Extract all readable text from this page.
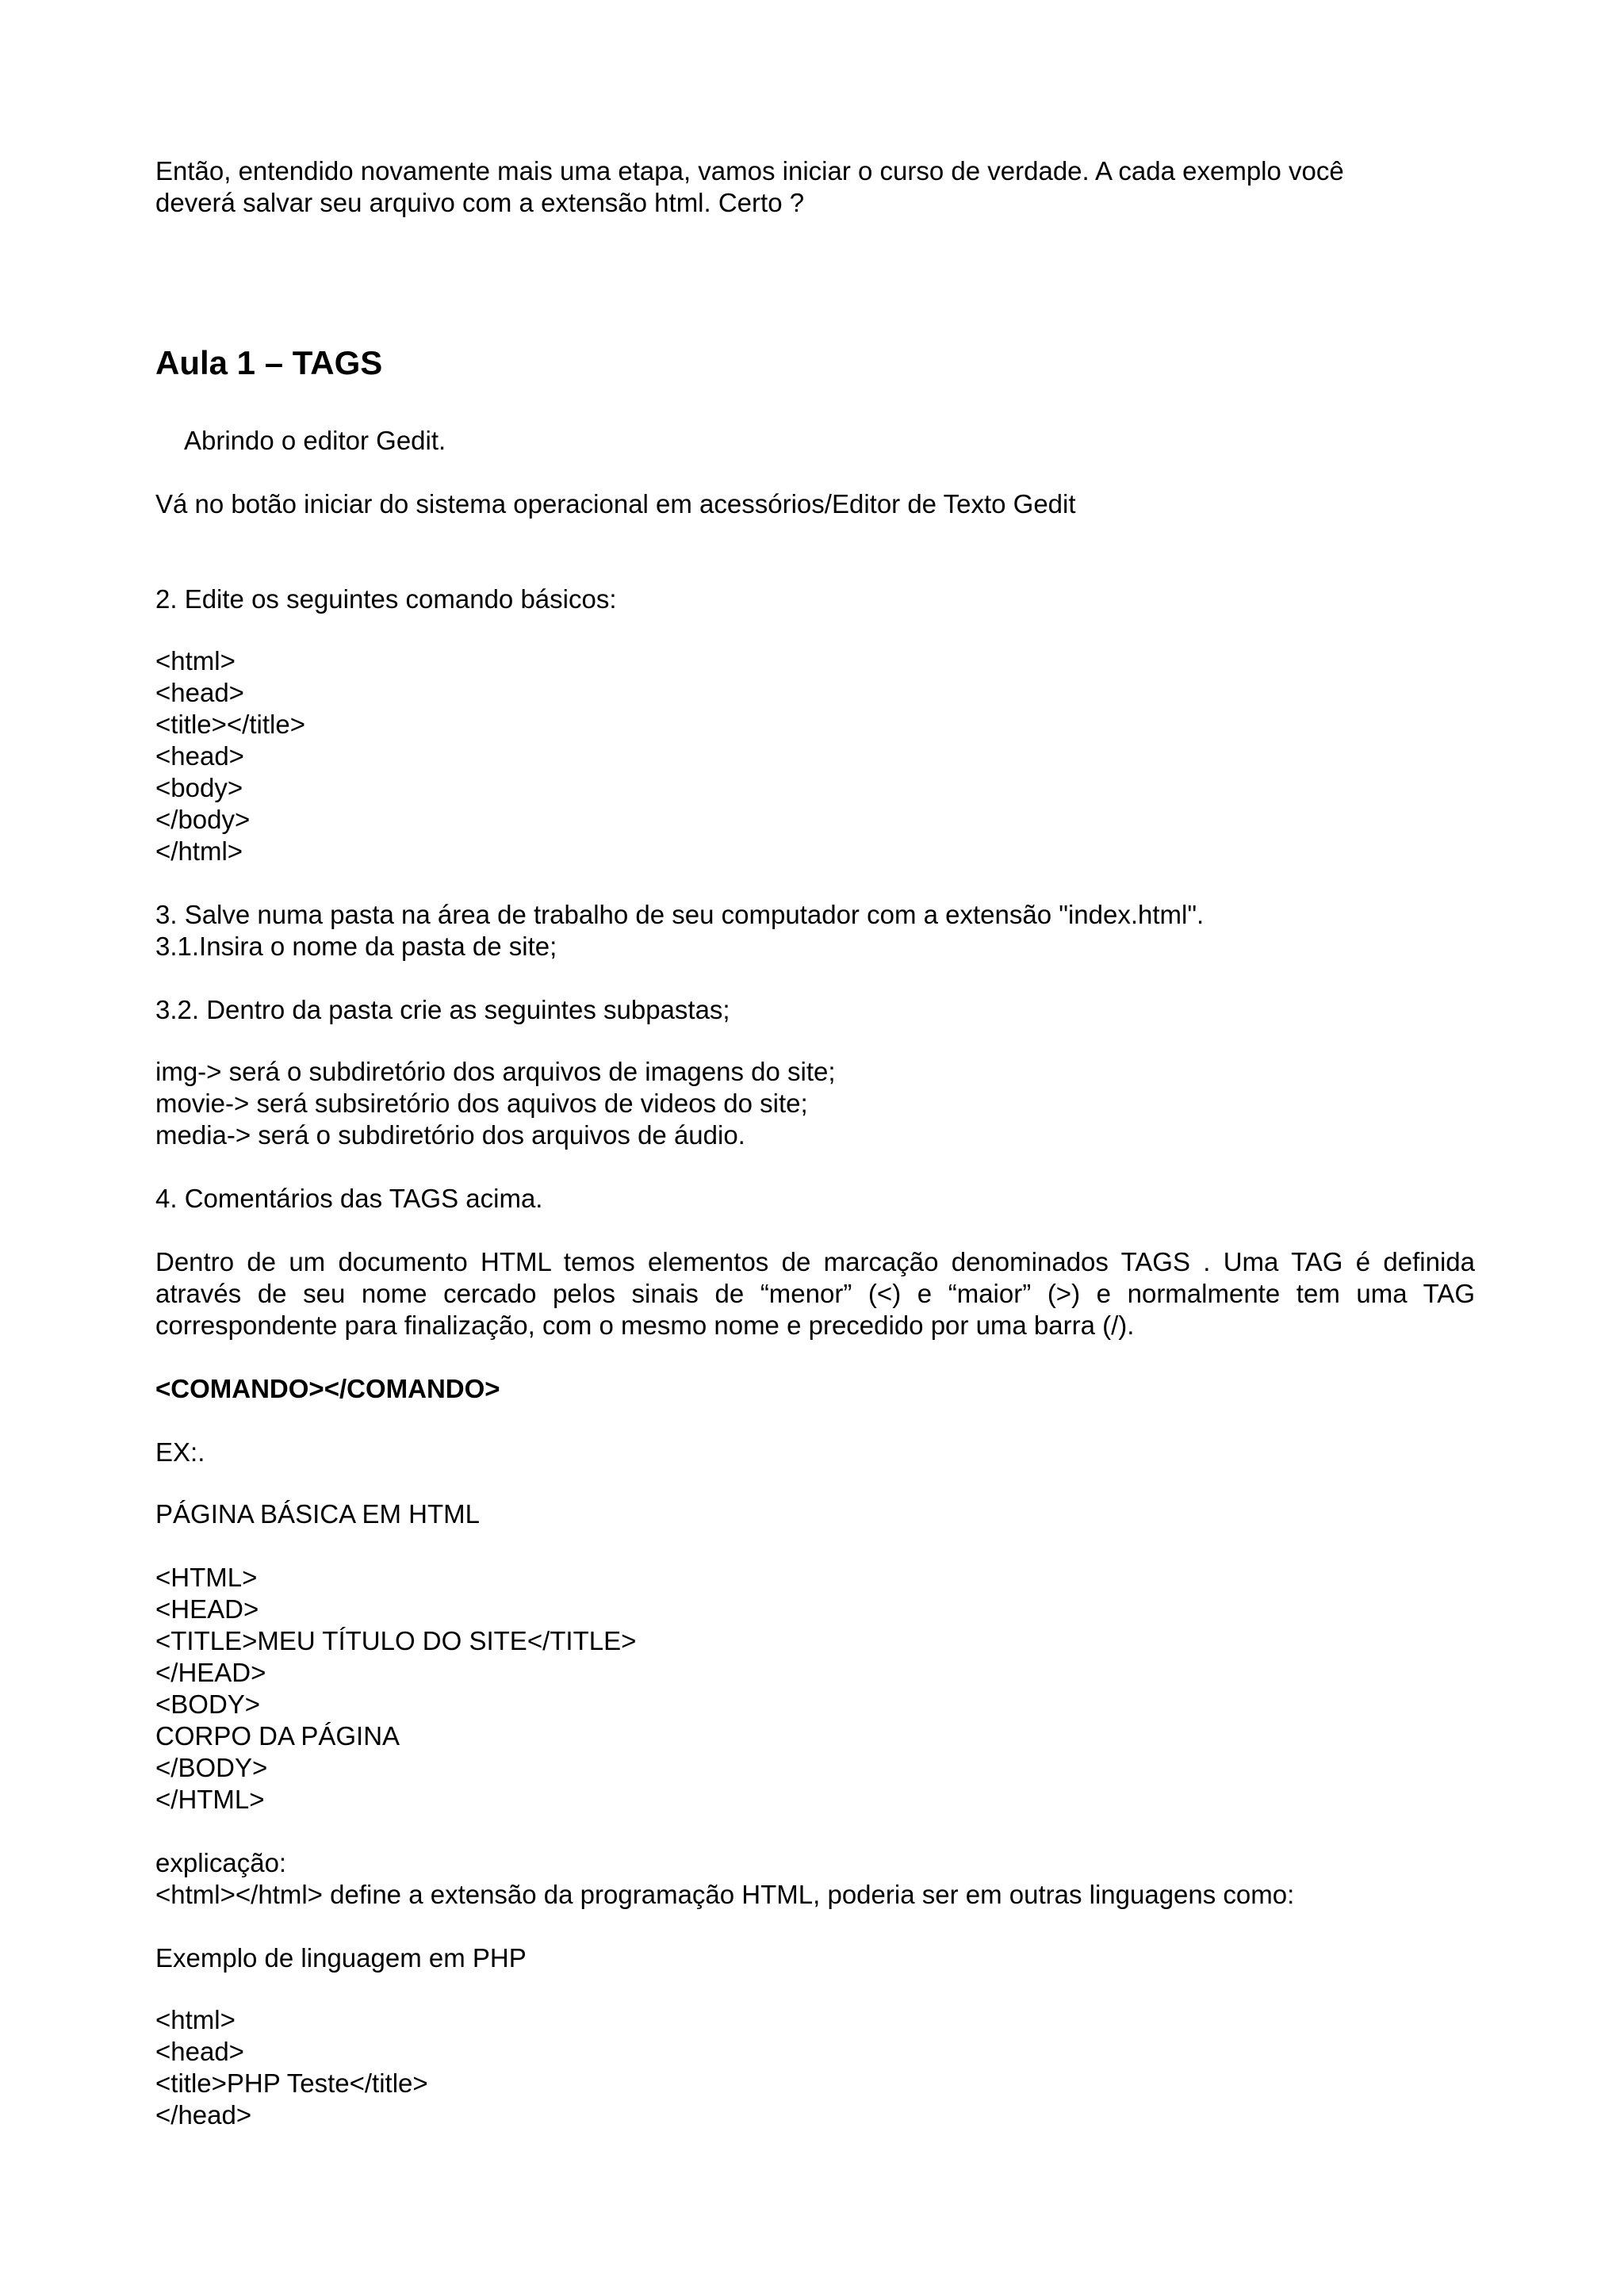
Então, entendido novamente mais uma etapa, vamos iniciar o curso de verdade. A cada exemplo você
deverá salvar seu arquivo com a extensão html. Certo ?
Aula 1 – TAGS
Abrindo o editor Gedit.
Vá no botão iniciar do sistema operacional em acessórios/Editor de Texto Gedit
2. Edite os seguintes comando básicos:
<html>
<head>
<title></title>
<head>
<body>
</body>
</html>
3. Salve numa pasta na área de trabalho de seu computador com a extensão "index.html".
3.1.Insira o nome da pasta de site;
3.2. Dentro da pasta crie as seguintes subpastas;
img-> será o subdiretório dos arquivos de imagens do site;
movie-> será subsiretório dos aquivos de videos do site;
media-> será o subdiretório dos arquivos de áudio.
4. Comentários das TAGS acima.
Dentro de um documento HTML temos elementos de marcação denominados TAGS . Uma TAG é definida
através de seu nome cercado pelos sinais de “menor” (<) e “maior” (>) e normalmente tem uma TAG
correspondente para finalização, com o mesmo nome e precedido por uma barra (/).
<COMANDO></COMANDO>
EX:.
PÁGINA BÁSICA EM HTML
<HTML>
<HEAD>
<TITLE>MEU TÍTULO DO SITE</TITLE>
</HEAD>
<BODY>
CORPO DA PÁGINA
</BODY>
</HTML>
explicação:
<html></html> define a extensão da programação HTML, poderia ser em outras linguagens como:
Exemplo de linguagem em PHP
<html>
<head>
<title>PHP Teste</title>
</head>
